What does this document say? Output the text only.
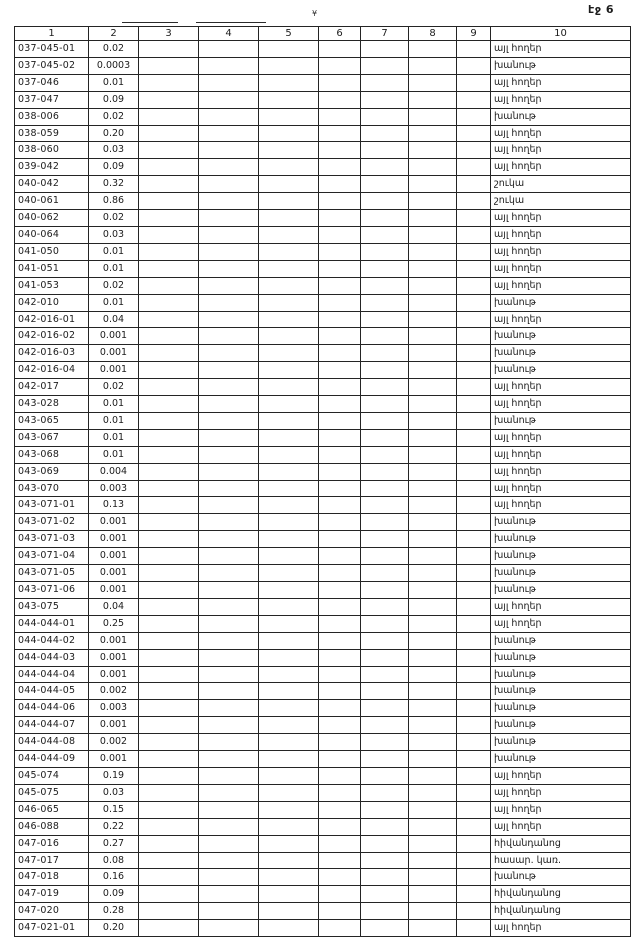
էջ 6
¥
1	2	3	4	5	6	7	8	9	10
037-045-01	0.02								այլ հողեր
037-045-02	0.0003								խանութ
037-046	0.01								այլ հողեր
037-047	0.09								այլ հողեր
038-006	0.02								խանութ
038-059	0.20								այլ հողեր
038-060	0.03								այլ հողեր
039-042	0.09								այլ հողեր
040-042	0.32								շուկա
040-061	0.86								շուկա
040-062	0.02								այլ հողեր
040-064	0.03								այլ հողեր
041-050	0.01								այլ հողեր
041-051	0.01								այլ հողեր
041-053	0.02								այլ հողեր
042-010	0.01								խանութ
042-016-01	0.04								այլ հողեր
042-016-02	0.001								խանութ
042-016-03	0.001								խանութ
042-016-04	0.001								խանութ
042-017	0.02								այլ հողեր
043-028	0.01								այլ հողեր
043-065	0.01								խանութ
043-067	0.01								այլ հողեր
043-068	0.01								այլ հողեր
043-069	0.004								այլ հողեր
043-070	0.003								այլ հողեր
043-071-01	0.13								այլ հողեր
043-071-02	0.001								խանութ
043-071-03	0.001								խանութ
043-071-04	0.001								խանութ
043-071-05	0.001								խանութ
043-071-06	0.001								խանութ
043-075	0.04								այլ հողեր
044-044-01	0.25								այլ հողեր
044-044-02	0.001								խանութ
044-044-03	0.001								խանութ
044-044-04	0.001								խանութ
044-044-05	0.002								խանութ
044-044-06	0.003								խանութ
044-044-07	0.001								խանութ
044-044-08	0.002								խանութ
044-044-09	0.001								խանութ
045-074	0.19								այլ հողեր
045-075	0.03								այլ հողեր
046-065	0.15								այլ հողեր
046-088	0.22								այլ հողեր
047-016	0.27								հիվանդանոց
047-017	0.08								հասար. կառ.
047-018	0.16								խանութ
047-019	0.09								հիվանդանոց
047-020	0.28								հիվանդանոց
047-021-01	0.20								այլ հողեր
